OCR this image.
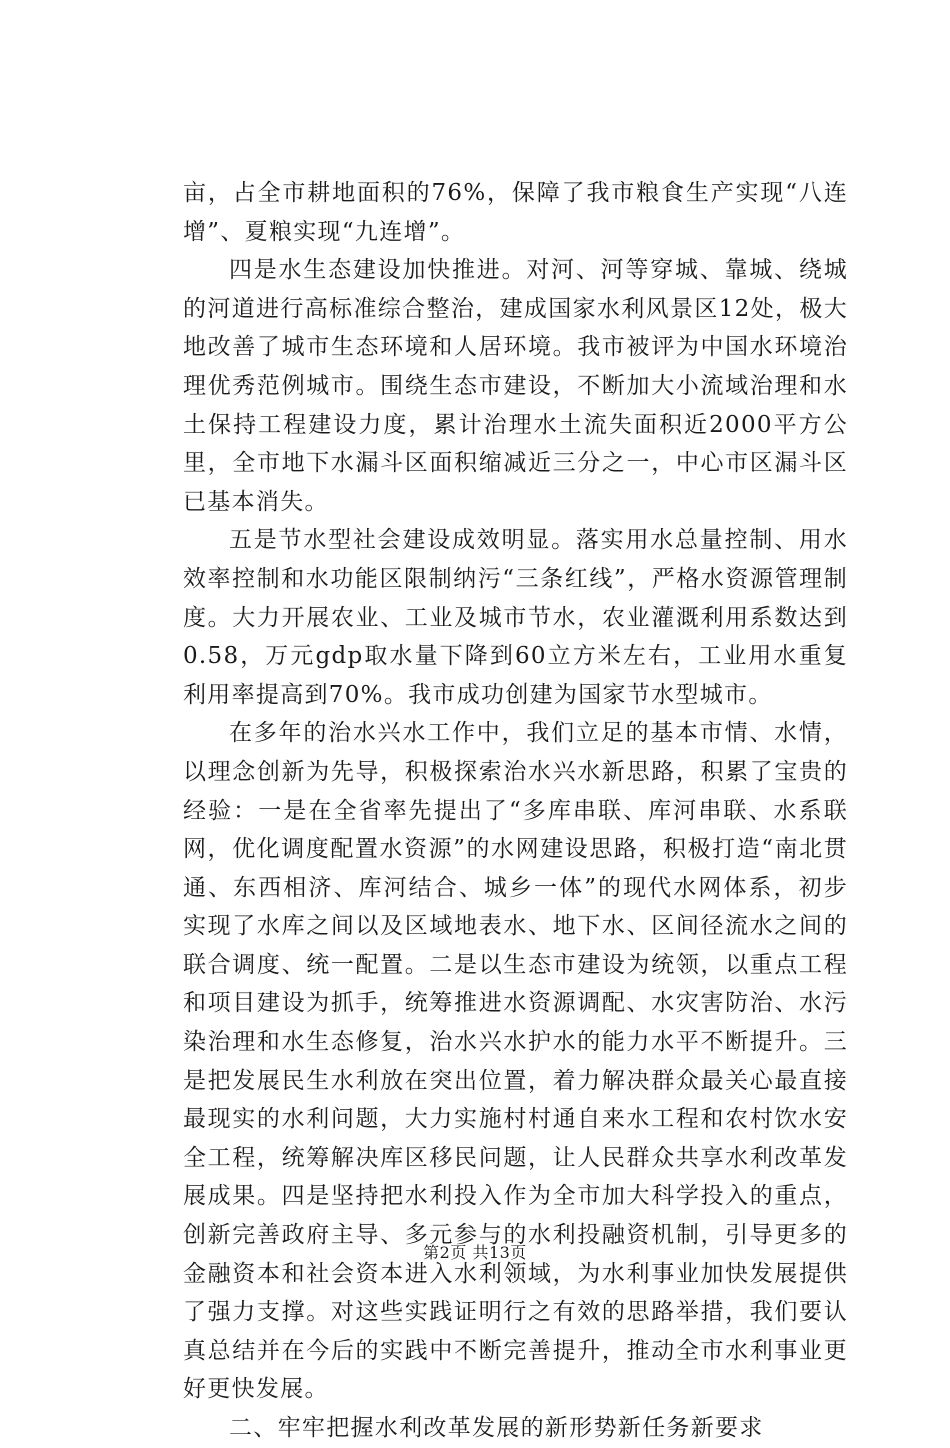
亩，占全市耕地面积的76%，保障了我市粮食生产实现“八连增”、夏粮实现“九连增”。

四是水生态建设加快推进。对河、河等穿城、靠城、绕城的河道进行高标准综合整治，建成国家水利风景区12处，极大地改善了城市生态环境和人居环境。我市被评为中国水环境治理优秀范例城市。围绕生态市建设，不断加大小流域治理和水土保持工程建设力度，累计治理水土流失面积近2000平方公里，全市地下水漏斗区面积缩减近三分之一，中心市区漏斗区已基本消失。

五是节水型社会建设成效明显。落实用水总量控制、用水效率控制和水功能区限制纳污“三条红线”，严格水资源管理制度。大力开展农业、工业及城市节水，农业灌溉利用系数达到0.58，万元gdp取水量下降到60立方米左右，工业用水重复利用率提高到70%。我市成功创建为国家节水型城市。

在多年的治水兴水工作中，我们立足的基本市情、水情，以理念创新为先导，积极探索治水兴水新思路，积累了宝贵的经验：一是在全省率先提出了“多库串联、库河串联、水系联网，优化调度配置水资源”的水网建设思路，积极打造“南北贯通、东西相济、库河结合、城乡一体”的现代水网体系，初步实现了水库之间以及区域地表水、地下水、区间径流水之间的联合调度、统一配置。二是以生态市建设为统领，以重点工程和项目建设为抓手，统筹推进水资源调配、水灾害防治、水污染治理和水生态修复，治水兴水护水的能力水平不断提升。三是把发展民生水利放在突出位置，着力解决群众最关心最直接最现实的水利问题，大力实施村村通自来水工程和农村饮水安全工程，统筹解决库区移民问题，让人民群众共享水利改革发展成果。四是坚持把水利投入作为全市加大科学投入的重点，创新完善政府主导、多元参与的水利投融资机制，引导更多的金融资本和社会资本进入水利领域，为水利事业加快发展提供了强力支撑。对这些实践证明行之有效的思路举措，我们要认真总结并在今后的实践中不断完善提升，推动全市水利事业更好更快发展。

二、牢牢把握水利改革发展的新形势新任务新要求

第2页 共13页
